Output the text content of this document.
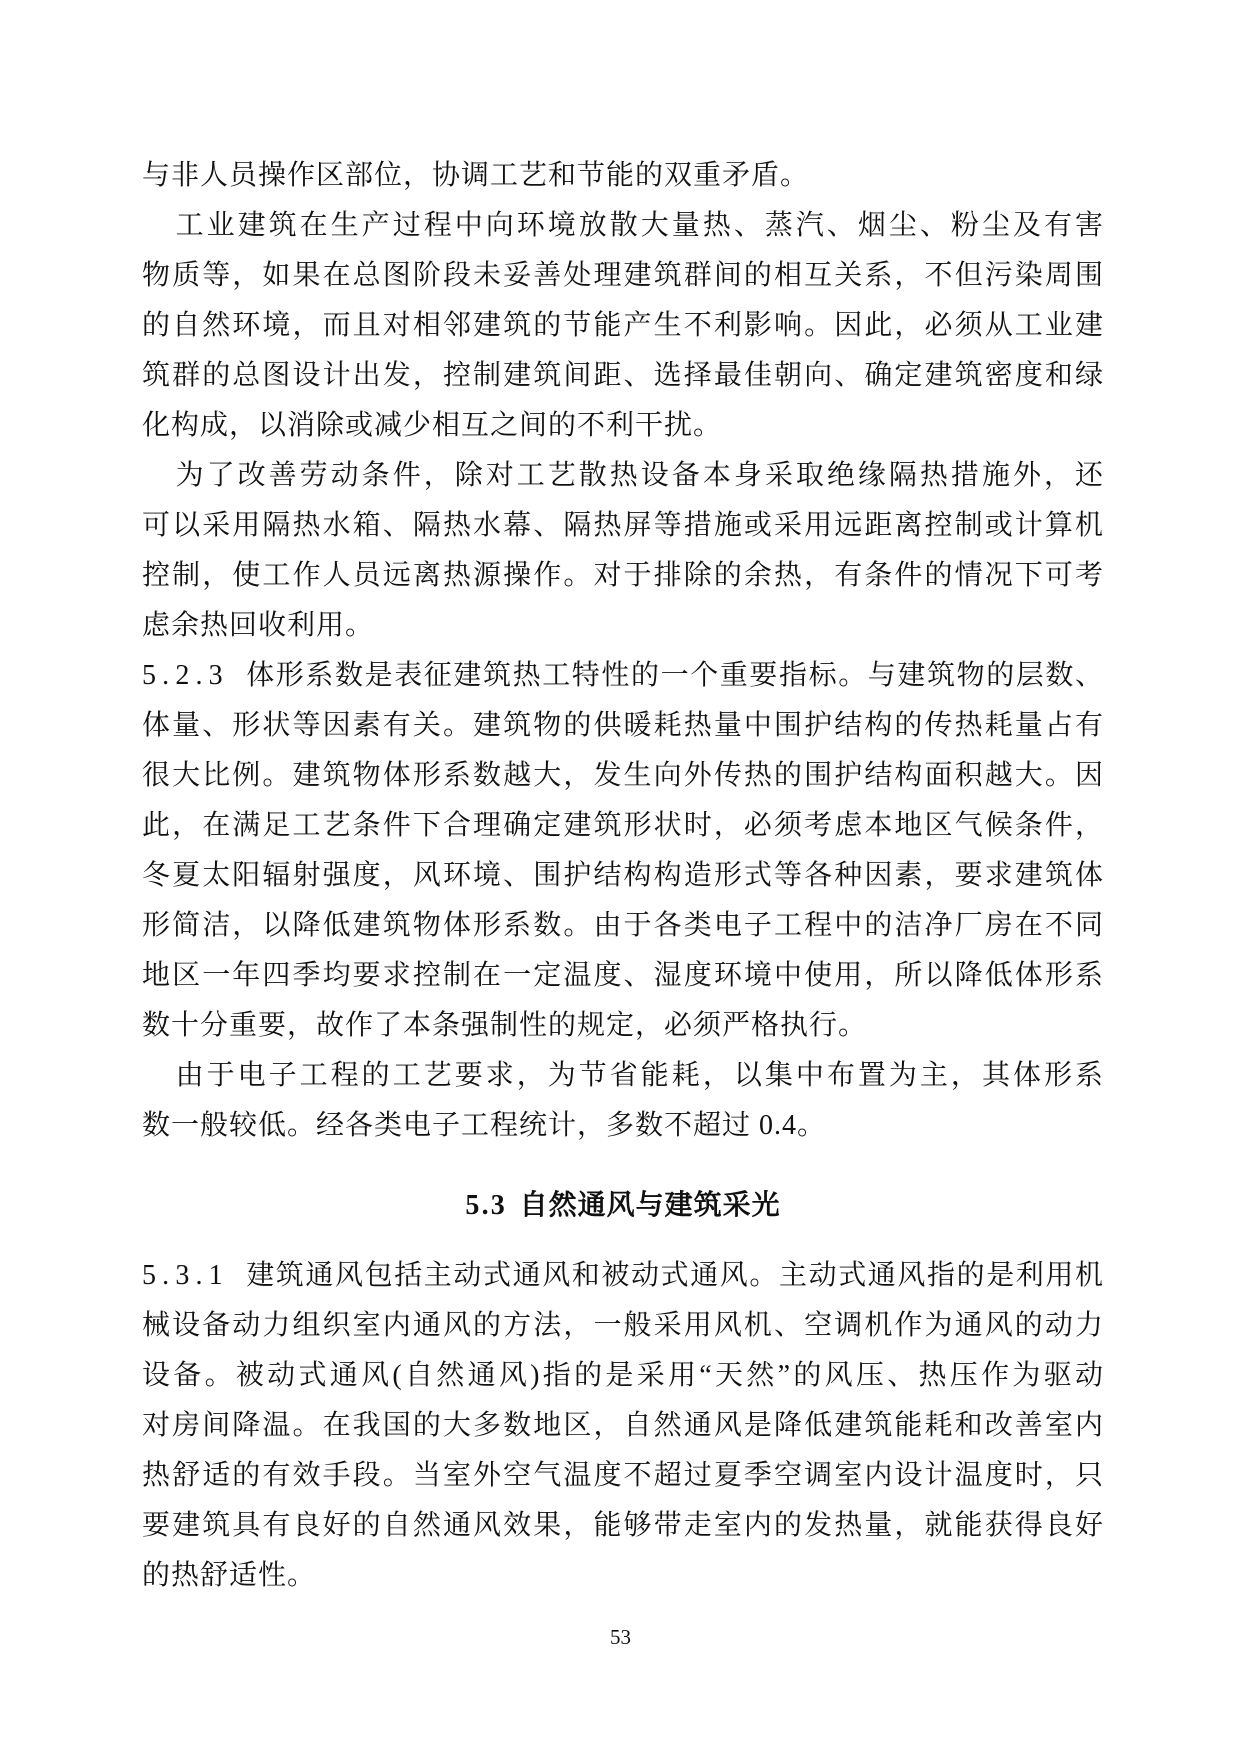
与非人员操作区部位，协调工艺和节能的双重矛盾。
工业建筑在生产过程中向环境放散大量热、蒸汽、烟尘、粉尘及有害
物质等，如果在总图阶段未妥善处理建筑群间的相互关系，不但污染周围
的自然环境，而且对相邻建筑的节能产生不利影响。因此，必须从工业建
筑群的总图设计出发，控制建筑间距、选择最佳朝向、确定建筑密度和绿
化构成，以消除或减少相互之间的不利干扰。
为了改善劳动条件，除对工艺散热设备本身采取绝缘隔热措施外，还
可以采用隔热水箱、隔热水幕、隔热屏等措施或采用远距离控制或计算机
控制，使工作人员远离热源操作。对于排除的余热，有条件的情况下可考
虑余热回收利用。
5.2.3 体形系数是表征建筑热工特性的一个重要指标。与建筑物的层数、
体量、形状等因素有关。建筑物的供暖耗热量中围护结构的传热耗量占有
很大比例。建筑物体形系数越大，发生向外传热的围护结构面积越大。因
此，在满足工艺条件下合理确定建筑形状时，必须考虑本地区气候条件，
冬夏太阳辐射强度，风环境、围护结构构造形式等各种因素，要求建筑体
形简洁，以降低建筑物体形系数。由于各类电子工程中的洁净厂房在不同
地区一年四季均要求控制在一定温度、湿度环境中使用，所以降低体形系
数十分重要，故作了本条强制性的规定，必须严格执行。
由于电子工程的工艺要求，为节省能耗，以集中布置为主，其体形系
数一般较低。经各类电子工程统计，多数不超过 0.4。
5.3 自然通风与建筑采光
5.3.1 建筑通风包括主动式通风和被动式通风。主动式通风指的是利用机
械设备动力组织室内通风的方法，一般采用风机、空调机作为通风的动力
设备。被动式通风(自然通风)指的是采用“天然”的风压、热压作为驱动
对房间降温。在我国的大多数地区，自然通风是降低建筑能耗和改善室内
热舒适的有效手段。当室外空气温度不超过夏季空调室内设计温度时，只
要建筑具有良好的自然通风效果，能够带走室内的发热量，就能获得良好
的热舒适性。
53
